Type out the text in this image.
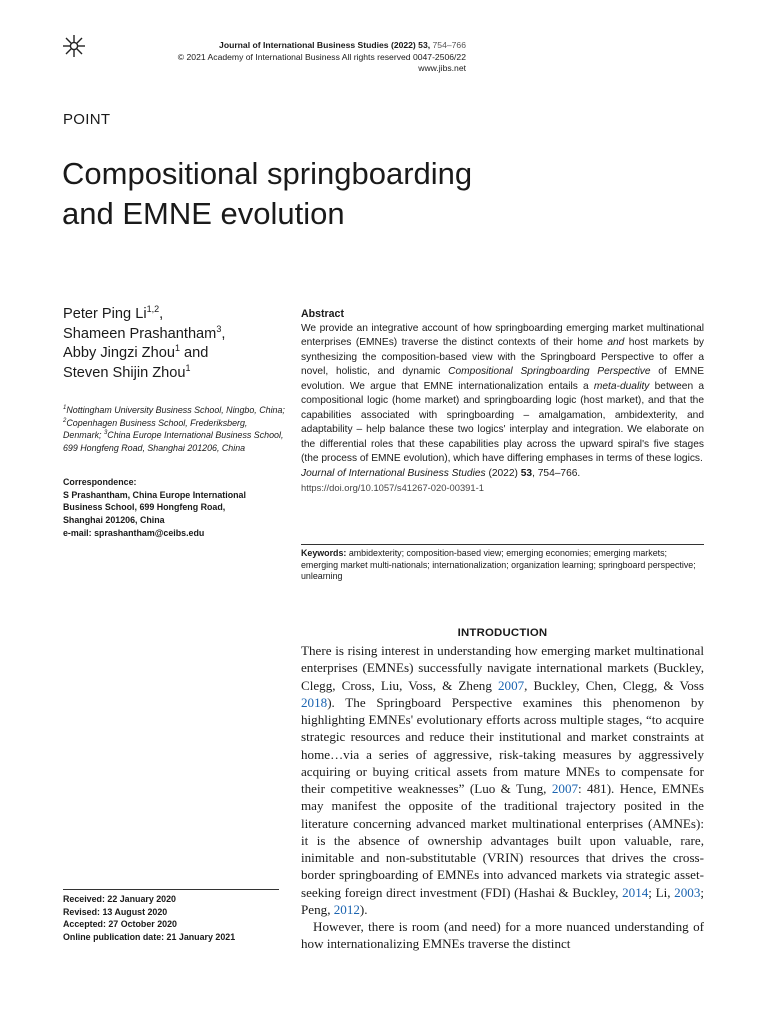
Journal of International Business Studies (2022) 53, 754–766
© 2021 Academy of International Business All rights reserved 0047-2506/22
www.jibs.net
POINT
Compositional springboarding
and EMNE evolution
Peter Ping Li$^{1,2}$,
Shameen Prashantham$^3$,
Abby Jingzi Zhou$^1$ and
Steven Shijin Zhou$^1$
$^1$Nottingham University Business School, Ningbo, China; $^2$Copenhagen Business School, Frederiksberg, Denmark; $^3$China Europe International Business School, 699 Hongfeng Road, Shanghai 201206, China
Correspondence:
S Prashantham, China Europe International
Business School, 699 Hongfeng Road,
Shanghai 201206, China
e-mail: sprashantham@ceibs.edu
Abstract

We provide an integrative account of how springboarding emerging market multinational enterprises (EMNEs) traverse the distinct contexts of their home and host markets by synthesizing the composition-based view with the Springboard Perspective to offer a novel, holistic, and dynamic Compositional Springboarding Perspective of EMNE evolution. We argue that EMNE internationalization entails a meta-duality between a compositional logic (home market) and springboarding logic (host market), and that the capabilities associated with springboarding – amalgamation, ambidexterity, and adaptability – help balance these two logics' interplay and integration. We elaborate on the differential roles that these capabilities play across the upward spiral's five stages (the process of EMNE evolution), which have differing emphases in terms of these logics.

Journal of International Business Studies (2022) 53, 754–766.

https://doi.org/10.1057/s41267-020-00391-1

Keywords: ambidexterity; composition-based view; emerging economies; emerging markets; emerging market multi-nationals; internationalization; organization learning; springboard perspective; unlearning
INTRODUCTION

There is rising interest in understanding how emerging market multinational enterprises (EMNEs) successfully navigate international markets (Buckley, Clegg, Cross, Liu, Voss, & Zheng 2007, Buckley, Chen, Clegg, & Voss 2018). The Springboard Perspective examines this phenomenon by highlighting EMNEs' evolutionary efforts across multiple stages, “to acquire strategic resources and reduce their institutional and market constraints at home…via a series of aggressive, risk-taking measures by aggressively acquiring or buying critical assets from mature MNEs to compensate for their competitive weaknesses” (Luo & Tung, 2007: 481). Hence, EMNEs may manifest the opposite of the traditional trajectory posited in the literature concerning advanced market multinational enterprises (AMNEs): it is the absence of ownership advantages built upon valuable, rare, inimitable and non-substitutable (VRIN) resources that drives the cross-border springboarding of EMNEs into advanced markets via strategic asset-seeking foreign direct investment (FDI) (Hashai & Buckley, 2014; Li, 2003; Peng, 2012).

However, there is room (and need) for a more nuanced understanding of how internationalizing EMNEs traverse the distinct

Received: 22 January 2020
Revised: 13 August 2020
Accepted: 27 October 2020
Online publication date: 21 January 2021
